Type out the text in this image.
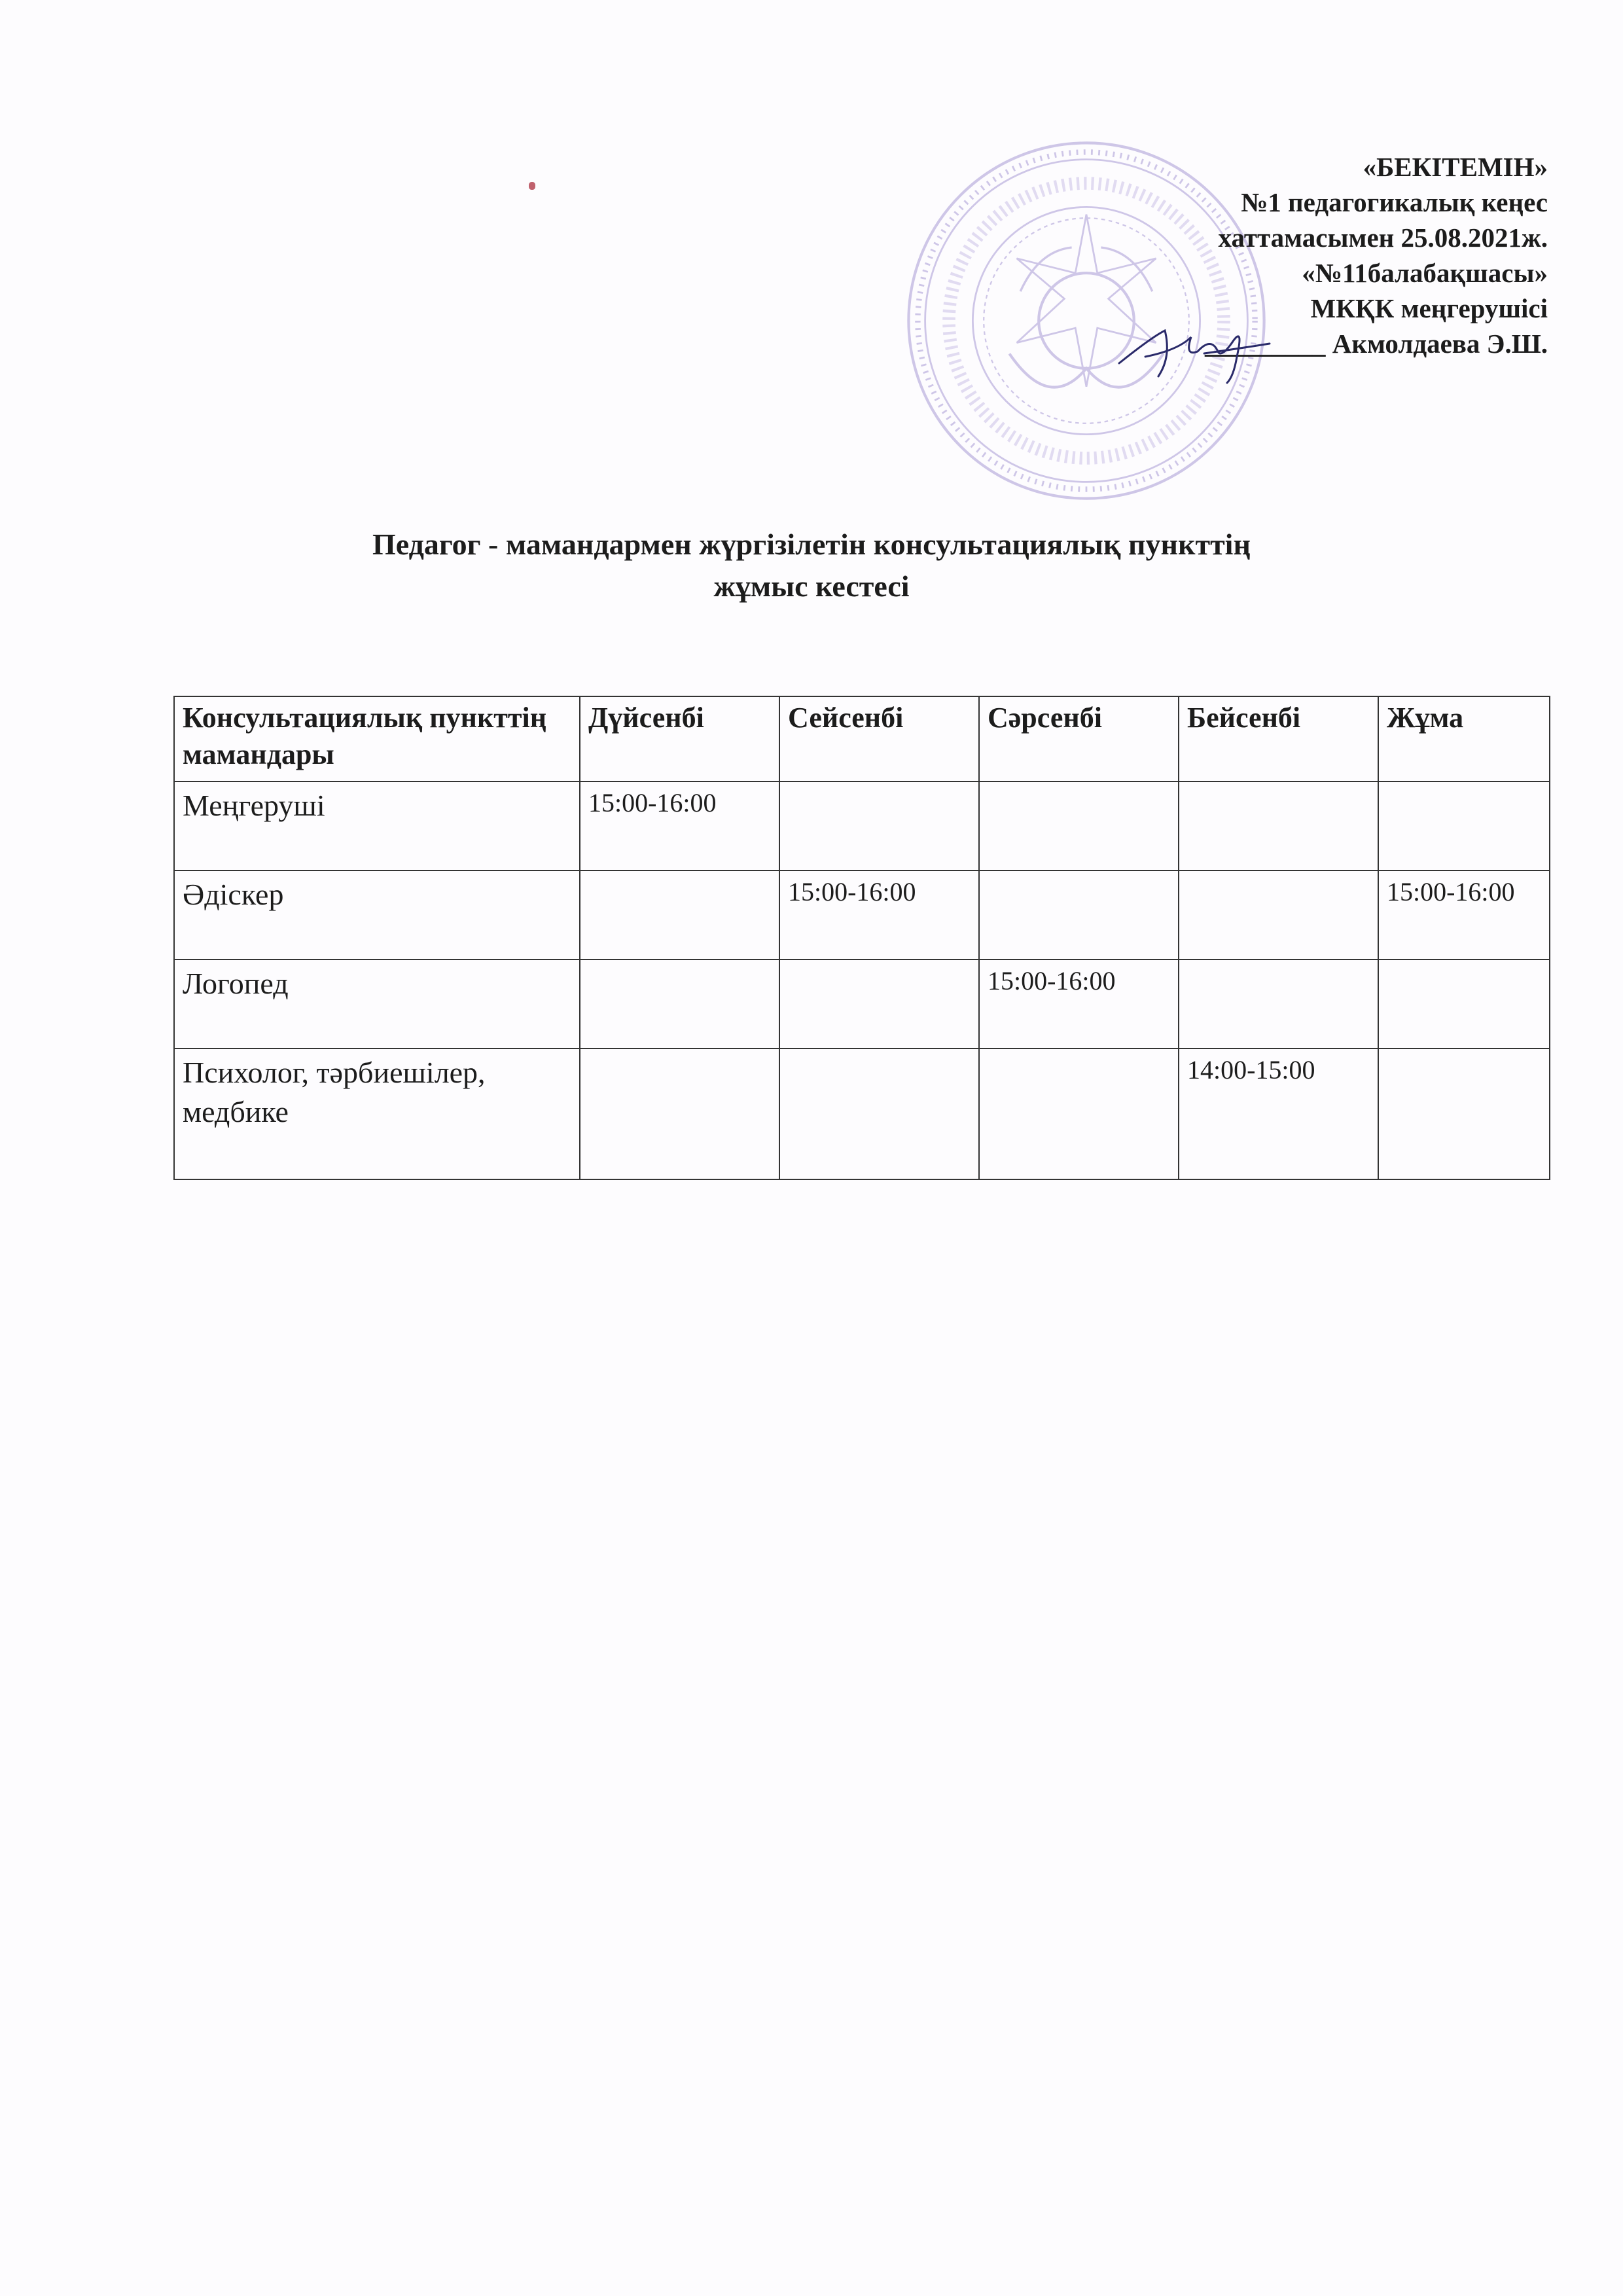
«БЕКІТЕМІН»
№1 педагогикалық кеңес
хаттамасымен 25.08.2021ж.
«№11балабақшасы»
МКҚК меңгерушісі
_________ Акмолдаева Э.Ш.
Педагог - мамандармен жүргізілетін консультациялық пункттің
жұмыс кестесі
Консультациялық пункттің мамандары	Дүйсенбі	Сейсенбі	Сәрсенбі	Бейсенбі	Жұма
Меңгеруші	15:00-16:00				
Әдіскер		15:00-16:00			15:00-16:00
Логопед			15:00-16:00		
Психолог, тәрбиешілер, медбике				14:00-15:00	
